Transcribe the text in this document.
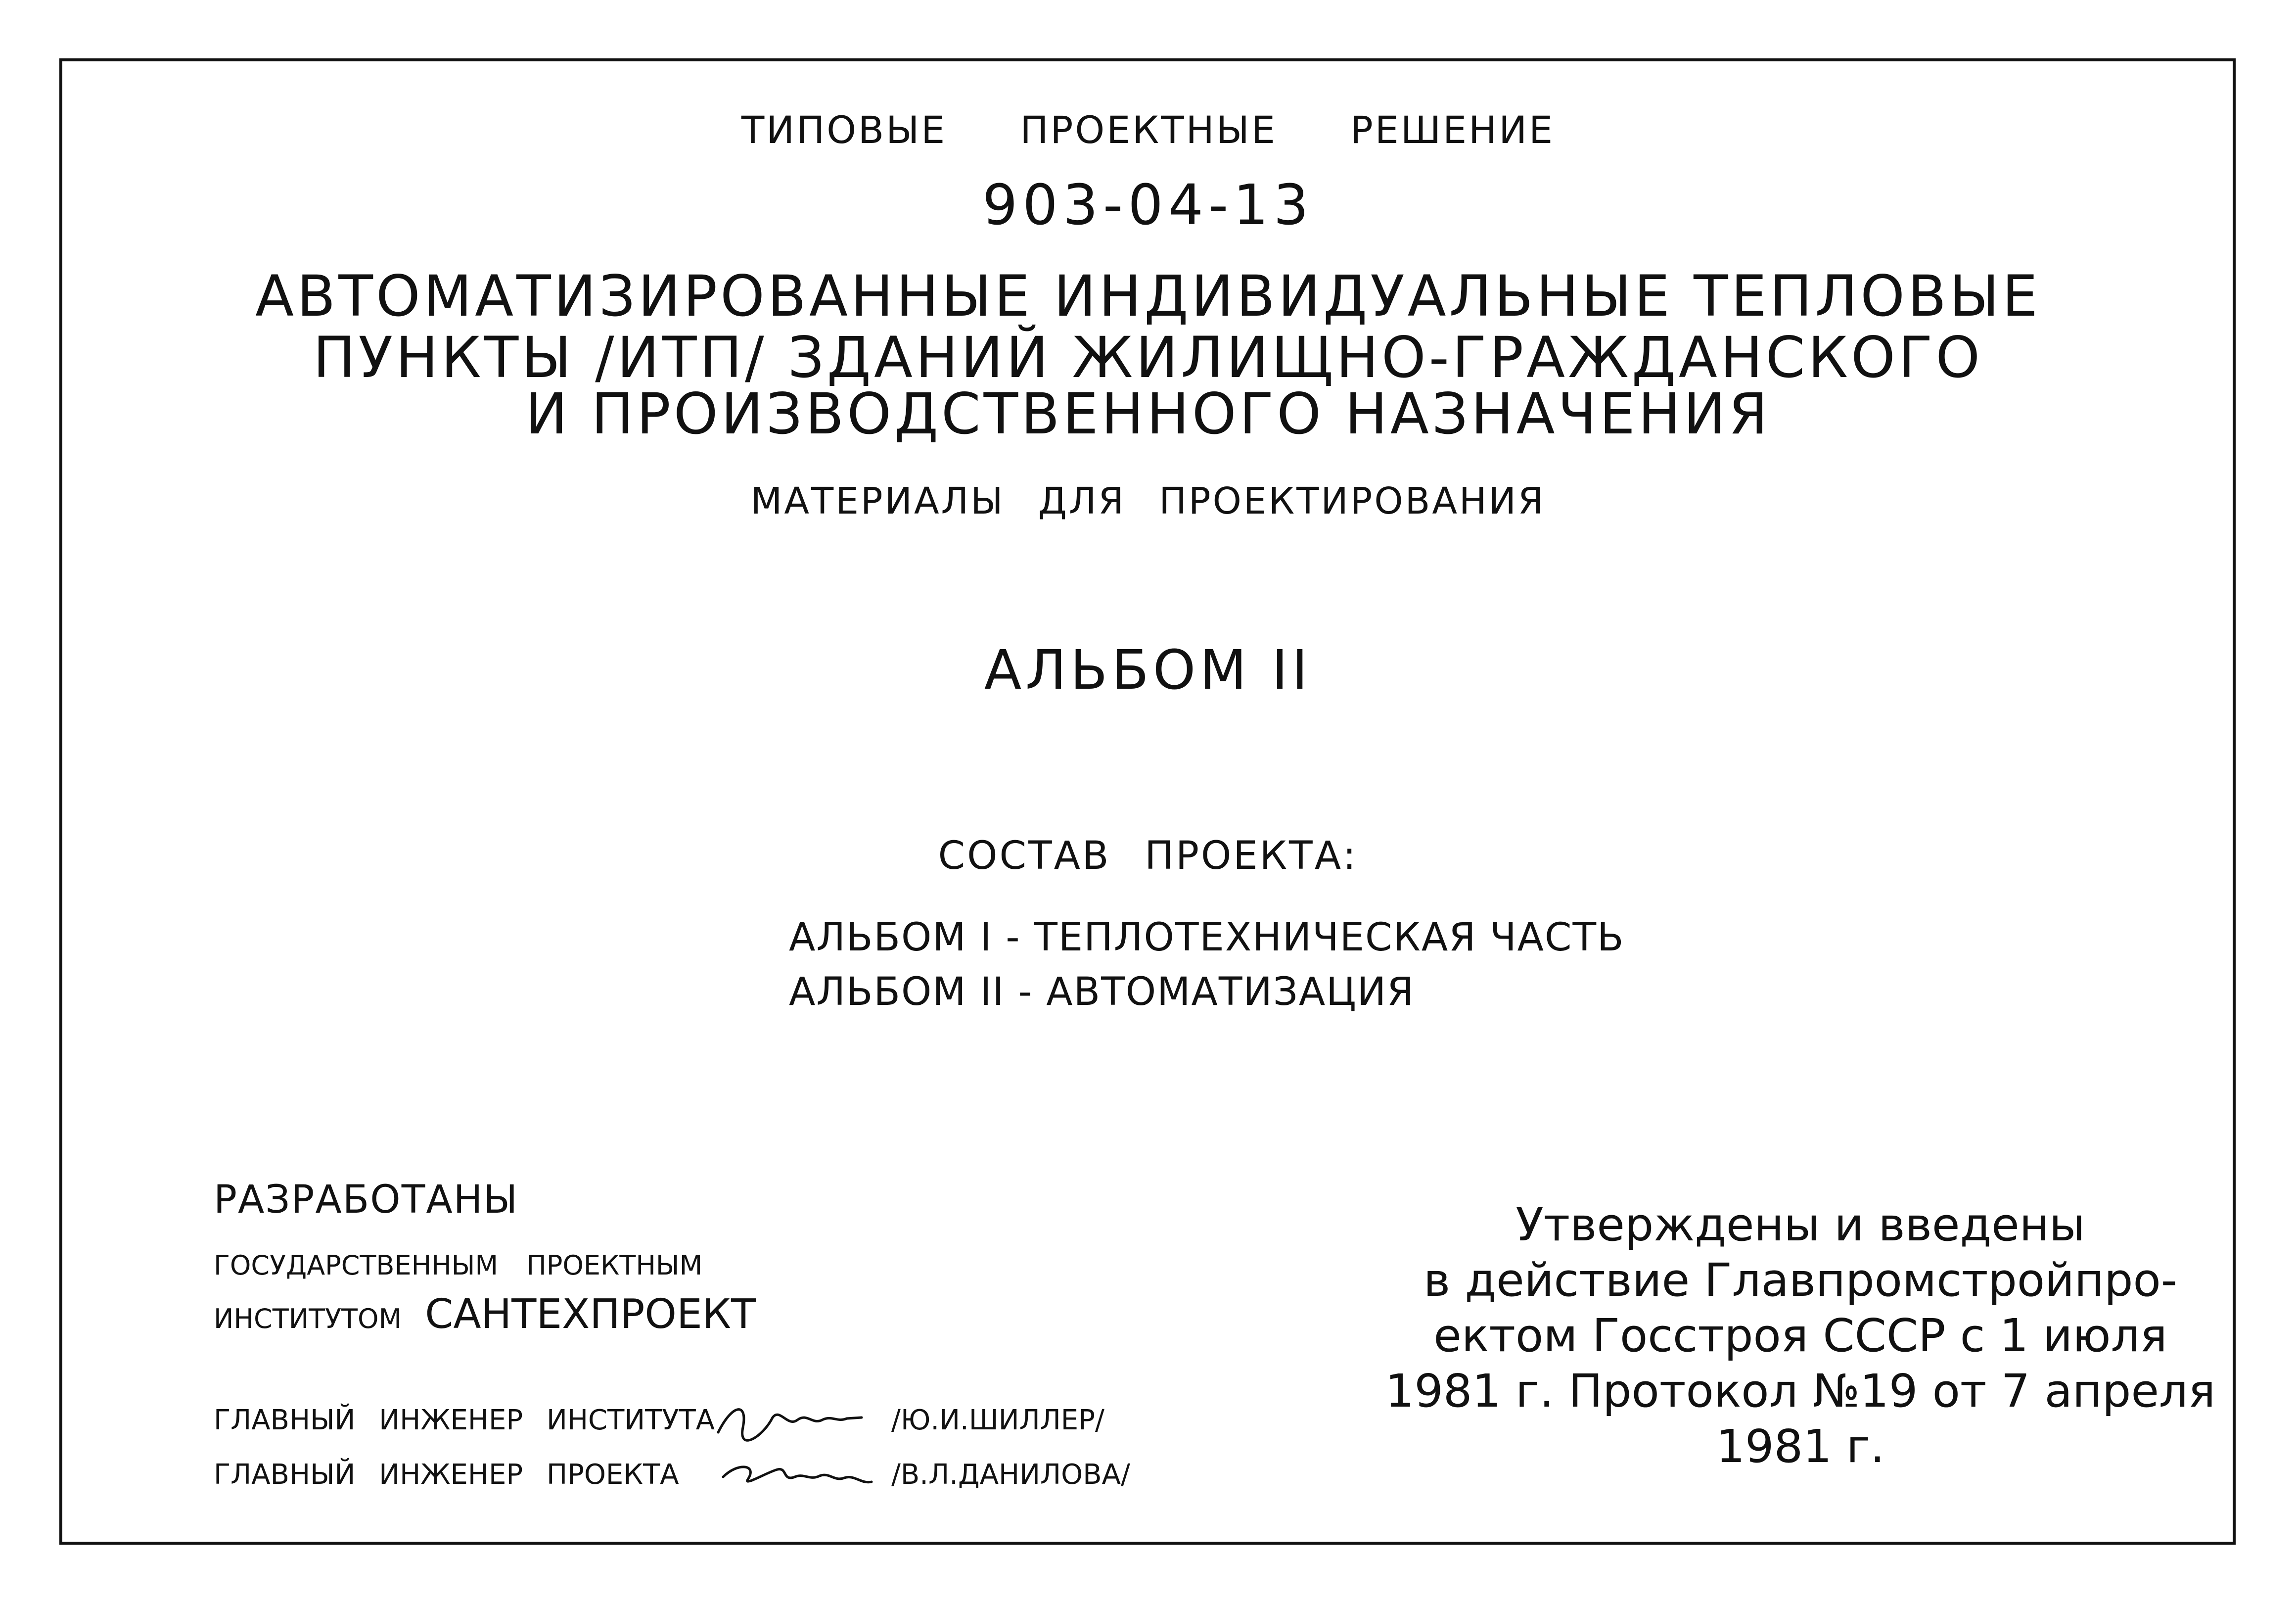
ТИПОВЫЕ ПРОЕКТНЫЕ РЕШЕНИЕ
903-04-13
АВТОМАТИЗИРОВАННЫЕ ИНДИВИДУАЛЬНЫЕ ТЕПЛОВЫЕ
ПУНКТЫ /ИТП/ ЗДАНИЙ ЖИЛИЩНО-ГРАЖДАНСКОГО
И ПРОИЗВОДСТВЕННОГО НАЗНАЧЕНИЯ
МАТЕРИАЛЫ ДЛЯ ПРОЕКТИРОВАНИЯ
АЛЬБОМ II
СОСТАВ ПРОЕКТА:
АЛЬБОМ I - ТЕПЛОТЕХНИЧЕСКАЯ ЧАСТЬ
АЛЬБОМ II - АВТОМАТИЗАЦИЯ
РАЗРАБОТАНЫ
ГОСУДАРСТВЕННЫМ ПРОЕКТНЫМ
ИНСТИТУТОМ САНТЕХПРОЕКТ
ГЛАВНЫЙ ИНЖЕНЕР ИНСТИТУТА	/Ю.И.ШИЛЛЕР/
ГЛАВНЫЙ ИНЖЕНЕР ПРОЕКТА	/В.Л.ДАНИЛОВА/
Утверждены и введены
в действие Главпромстройпро-
ектом Госстроя СССР с 1 июля
1981 г. Протокол №19 от 7 апреля
1981 г.
